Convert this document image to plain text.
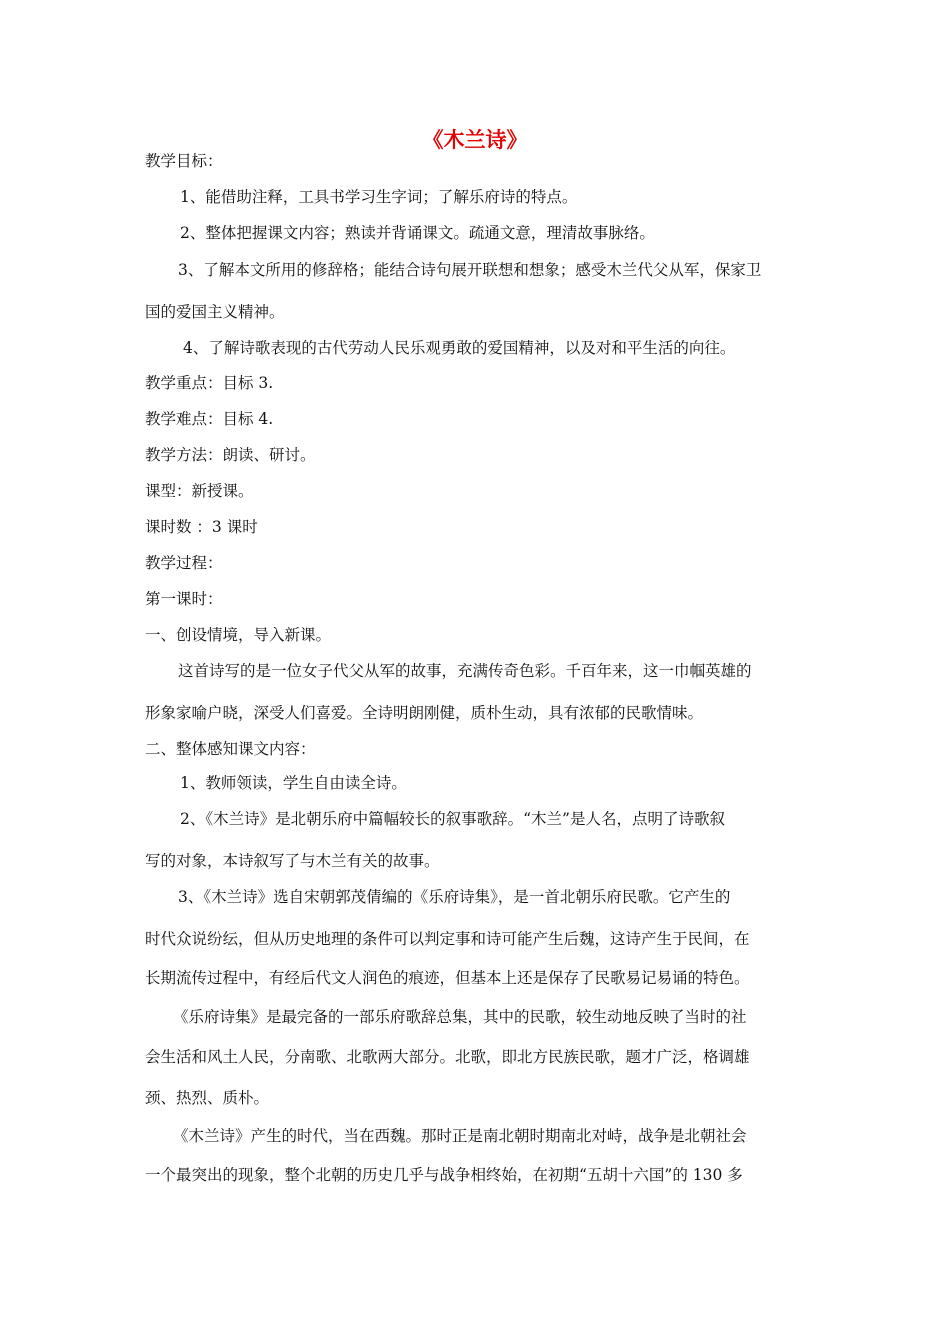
《木兰诗》
教学目标：
1、能借助注释，工具书学习生字词；了解乐府诗的特点。
2、整体把握课文内容；熟读并背诵课文。疏通文意，理清故事脉络。
3、了解本文所用的修辞格；能结合诗句展开联想和想象；感受木兰代父从军，保家卫
国的爱国主义精神。
4、了解诗歌表现的古代劳动人民乐观勇敢的爱国精神，以及对和平生活的向往。
教学重点：目标 3.
教学难点：目标 4.
教学方法：朗读、研讨。
课型：新授课。
课时数 ：3 课时
教学过程：
第一课时：
一、创设情境，导入新课。
这首诗写的是一位女子代父从军的故事，充满传奇色彩。千百年来，这一巾帼英雄的
形象家喻户晓，深受人们喜爱。全诗明朗刚健，质朴生动，具有浓郁的民歌情味。
二、整体感知课文内容：
1、教师领读，学生自由读全诗。
2、《木兰诗》是北朝乐府中篇幅较长的叙事歌辞。“木兰”是人名，点明了诗歌叙
写的对象，本诗叙写了与木兰有关的故事。
3、《木兰诗》选自宋朝郭茂倩编的《乐府诗集》，是一首北朝乐府民歌。它产生的
时代众说纷纭，但从历史地理的条件可以判定事和诗可能产生后魏，这诗产生于民间，在
长期流传过程中，有经后代文人润色的痕迹，但基本上还是保存了民歌易记易诵的特色。
《乐府诗集》是最完备的一部乐府歌辞总集，其中的民歌，较生动地反映了当时的社
会生活和风土人民，分南歌、北歌两大部分。北歌，即北方民族民歌，题才广泛，格调雄
颈、热烈、质朴。
《木兰诗》产生的时代，当在西魏。那时正是南北朝时期南北对峙，战争是北朝社会
一个最突出的现象，整个北朝的历史几乎与战争相终始，在初期“五胡十六国”的 130 多
